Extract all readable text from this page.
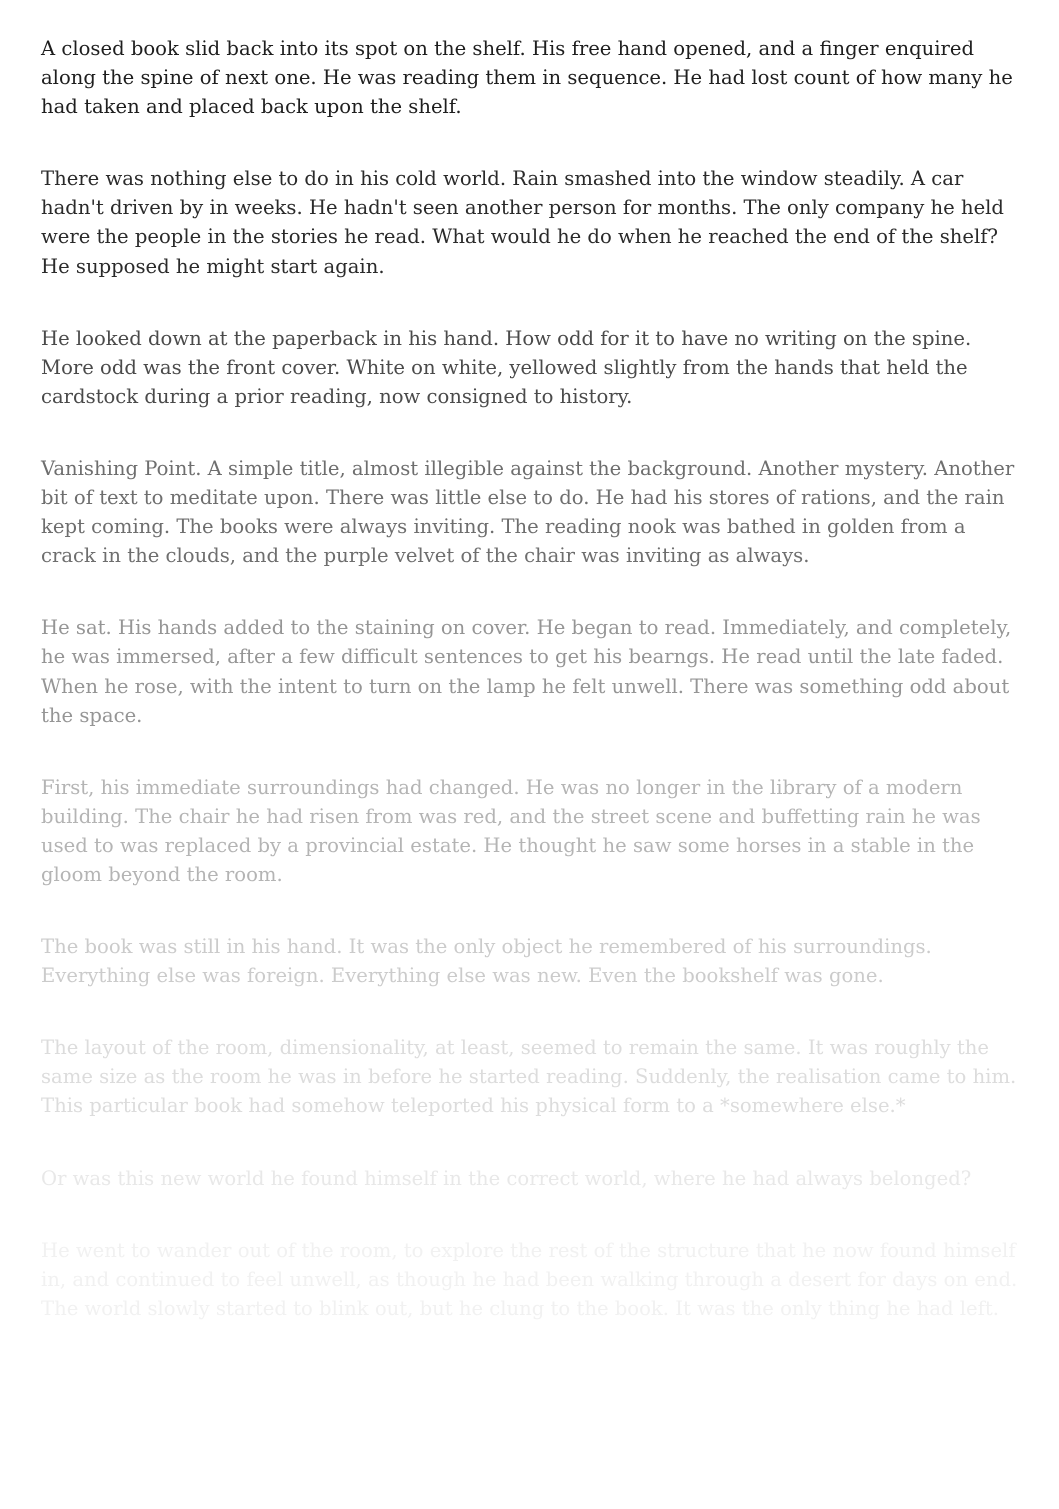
A closed book slid back into its spot on the shelf. His free hand opened, and a finger enquired along the spine of next one. He was reading them in sequence. He had lost count of how many he had taken and placed back upon the shelf.

There was nothing else to do in his cold world. Rain smashed into the window steadily. A car hadn't driven by in weeks. He hadn't seen another person for months. The only company he held were the people in the stories he read. What would he do when he reached the end of the shelf? He supposed he might start again.

He looked down at the paperback in his hand. How odd for it to have no writing on the spine. More odd was the front cover. White on white, yellowed slightly from the hands that held the cardstock during a prior reading, now consigned to history.

Vanishing Point. A simple title, almost illegible against the background. Another mystery. Another bit of text to meditate upon. There was little else to do. He had his stores of rations, and the rain kept coming. The books were always inviting. The reading nook was bathed in golden from a crack in the clouds, and the purple velvet of the chair was inviting as always.

He sat. His hands added to the staining on cover. He began to read. Immediately, and completely, he was immersed, after a few difficult sentences to get his bearngs. He read until the late faded. When he rose, with the intent to turn on the lamp he felt unwell. There was something odd about the space.

First, his immediate surroundings had changed. He was no longer in the library of a modern building. The chair he had risen from was red, and the street scene and buffetting rain he was used to was replaced by a provincial estate. He thought he saw some horses in a stable in the gloom beyond the room.

The book was still in his hand. It was the only object he remembered of his surroundings. Everything else was foreign. Everything else was new. Even the bookshelf was gone.

The layout of the room, dimensionality, at least, seemed to remain the same. It was roughly the same size as the room he was in before he started reading. Suddenly, the realisation came to him. This particular book had somehow teleported his physical form to a *somewhere else.*

Or was this new world he found himself in the correct world, where he had always belonged?

He went to wander out of the room, to explore the rest of the structure that he now found himself in, and continued to feel unwell, as though he had been walking through a desert for days on end. The world slowly started to blink out, but he clung to the book. It was the only thing he had left.
